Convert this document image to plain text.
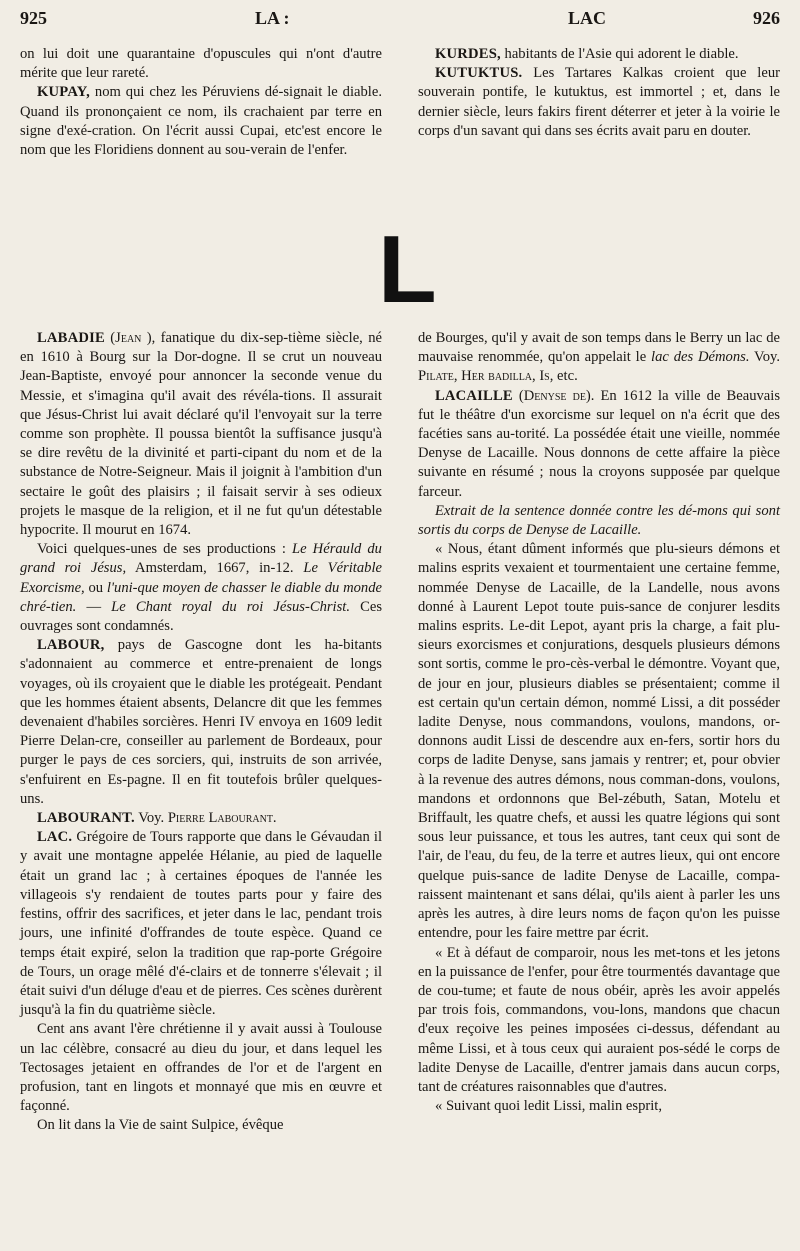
925	LA :	LAC	926

on lui doit une quarantaine d'opuscules qui n'ont d'autre mérite que leur rareté.

KUPAY, nom qui chez les Péruviens dé-signait le diable. Quand ils prononçaient ce nom, ils crachaient par terre en signe d'exé-cration. On l'écrit aussi Cupai, etc'est encore le nom que les Floridiens donnent au sou-verain de l'enfer.

KURDES, habitants de l'Asie qui adorent le diable.

KUTUKTUS. Les Tartares Kalkas croient que leur souverain pontife, le kutuktus, est immortel ; et, dans le dernier siècle, leurs fakirs firent déterrer et jeter à la voirie le corps d'un savant qui dans ses écrits avait paru en douter.

L

LABADIE (Jean ), fanatique du dix-sep-tième siècle, né en 1610 à Bourg sur la Dor-dogne. Il se crut un nouveau Jean-Baptiste, envoyé pour annoncer la seconde venue du Messie, et s'imagina qu'il avait des révéla-tions. Il assurait que Jésus-Christ lui avait déclaré qu'il l'envoyait sur la terre comme son prophète. Il poussa bientôt la suffisance jusqu'à se dire revêtu de la divinité et parti-cipant du nom et de la substance de Notre-Seigneur. Mais il joignit à l'ambition d'un sectaire le goût des plaisirs ; il faisait servir à ses odieux projets le masque de la religion, et il ne fut qu'un détestable hypocrite. Il mourut en 1674.

Voici quelques-unes de ses productions : Le Hérauld du grand roi Jésus, Amsterdam, 1667, in-12. Le Véritable Exorcisme, ou l'uni-que moyen de chasser le diable du monde chré-tien. — Le Chant royal du roi Jésus-Christ. Ces ouvrages sont condamnés.

LABOUR, pays de Gascogne dont les ha-bitants s'adonnaient au commerce et entre-prenaient de longs voyages, où ils croyaient que le diable les protégeait. Pendant que les hommes étaient absents, Delancre dit que les femmes devenaient d'habiles sorcières. Henri IV envoya en 1609 ledit Pierre Delan-cre, conseiller au parlement de Bordeaux, pour purger le pays de ces sorciers, qui, instruits de son arrivée, s'enfuirent en Es-pagne. Il en fit toutefois brûler quelques-uns.

LABOURANT. Voy. Pierre Labourant.

LAC. Grégoire de Tours rapporte que dans le Gévaudan il y avait une montagne appelée Hélanie, au pied de laquelle était un grand lac ; à certaines époques de l'année les villageois s'y rendaient de toutes parts pour y faire des festins, offrir des sacrifices, et jeter dans le lac, pendant trois jours, une infinité d'offrandes de toute espèce. Quand ce temps était expiré, selon la tradition que rap-porte Grégoire de Tours, un orage mêlé d'é-clairs et de tonnerre s'élevait ; il était suivi d'un déluge d'eau et de pierres. Ces scènes durèrent jusqu'à la fin du quatrième siècle.

Cent ans avant l'ère chrétienne il y avait aussi à Toulouse un lac célèbre, consacré au dieu du jour, et dans lequel les Tectosages jetaient en offrandes de l'or et de l'argent en profusion, tant en lingots et monnayé que mis en œuvre et façonné.

On lit dans la Vie de saint Sulpice, évêque

de Bourges, qu'il y avait de son temps dans le Berry un lac de mauvaise renommée, qu'on appelait le lac des Démons. Voy. Pilate, Her badilla, Is, etc.

LACAILLE (Denyse de). En 1612 la ville de Beauvais fut le théâtre d'un exorcisme sur lequel on n'a écrit que des facéties sans au-torité. La possédée était une vieille, nommée Denyse de Lacaille. Nous donnons de cette affaire la pièce suivante en résumé ; nous la croyons supposée par quelque farceur.

Extrait de la sentence donnée contre les dé-mons qui sont sortis du corps de Denyse de Lacaille.

« Nous, étant dûment informés que plu-sieurs démons et malins esprits vexaient et tourmentaient une certaine femme, nommée Denyse de Lacaille, de la Landelle, nous avons donné à Laurent Lepot toute puis-sance de conjurer lesdits malins esprits. Le-dit Lepot, ayant pris la charge, a fait plu-sieurs exorcismes et conjurations, desquels plusieurs démons sont sortis, comme le pro-cès-verbal le démontre. Voyant que, de jour en jour, plusieurs diables se présentaient; comme il est certain qu'un certain démon, nommé Lissi, a dit posséder ladite Denyse, nous commandons, voulons, mandons, or-donnons audit Lissi de descendre aux en-fers, sortir hors du corps de ladite Denyse, sans jamais y rentrer; et, pour obvier à la revenue des autres démons, nous comman-dons, voulons, mandons et ordonnons que Bel-zébuth, Satan, Motelu et Briffault, les quatre chefs, et aussi les quatre légions qui sont sous leur puissance, et tous les autres, tant ceux qui sont de l'air, de l'eau, du feu, de la terre et autres lieux, qui ont encore quelque puis-sance de ladite Denyse de Lacaille, compa-raissent maintenant et sans délai, qu'ils aient à parler les uns après les autres, à dire leurs noms de façon qu'on les puisse entendre, pour les faire mettre par écrit.

« Et à défaut de comparoir, nous les met-tons et les jetons en la puissance de l'enfer, pour être tourmentés davantage que de cou-tume; et faute de nous obéir, après les avoir appelés par trois fois, commandons, vou-lons, mandons que chacun d'eux reçoive les peines imposées ci-dessus, défendant au même Lissi, et à tous ceux qui auraient pos-sédé le corps de ladite Denyse de Lacaille, d'entrer jamais dans aucun corps, tant de créatures raisonnables que d'autres.

« Suivant quoi ledit Lissi, malin esprit,
